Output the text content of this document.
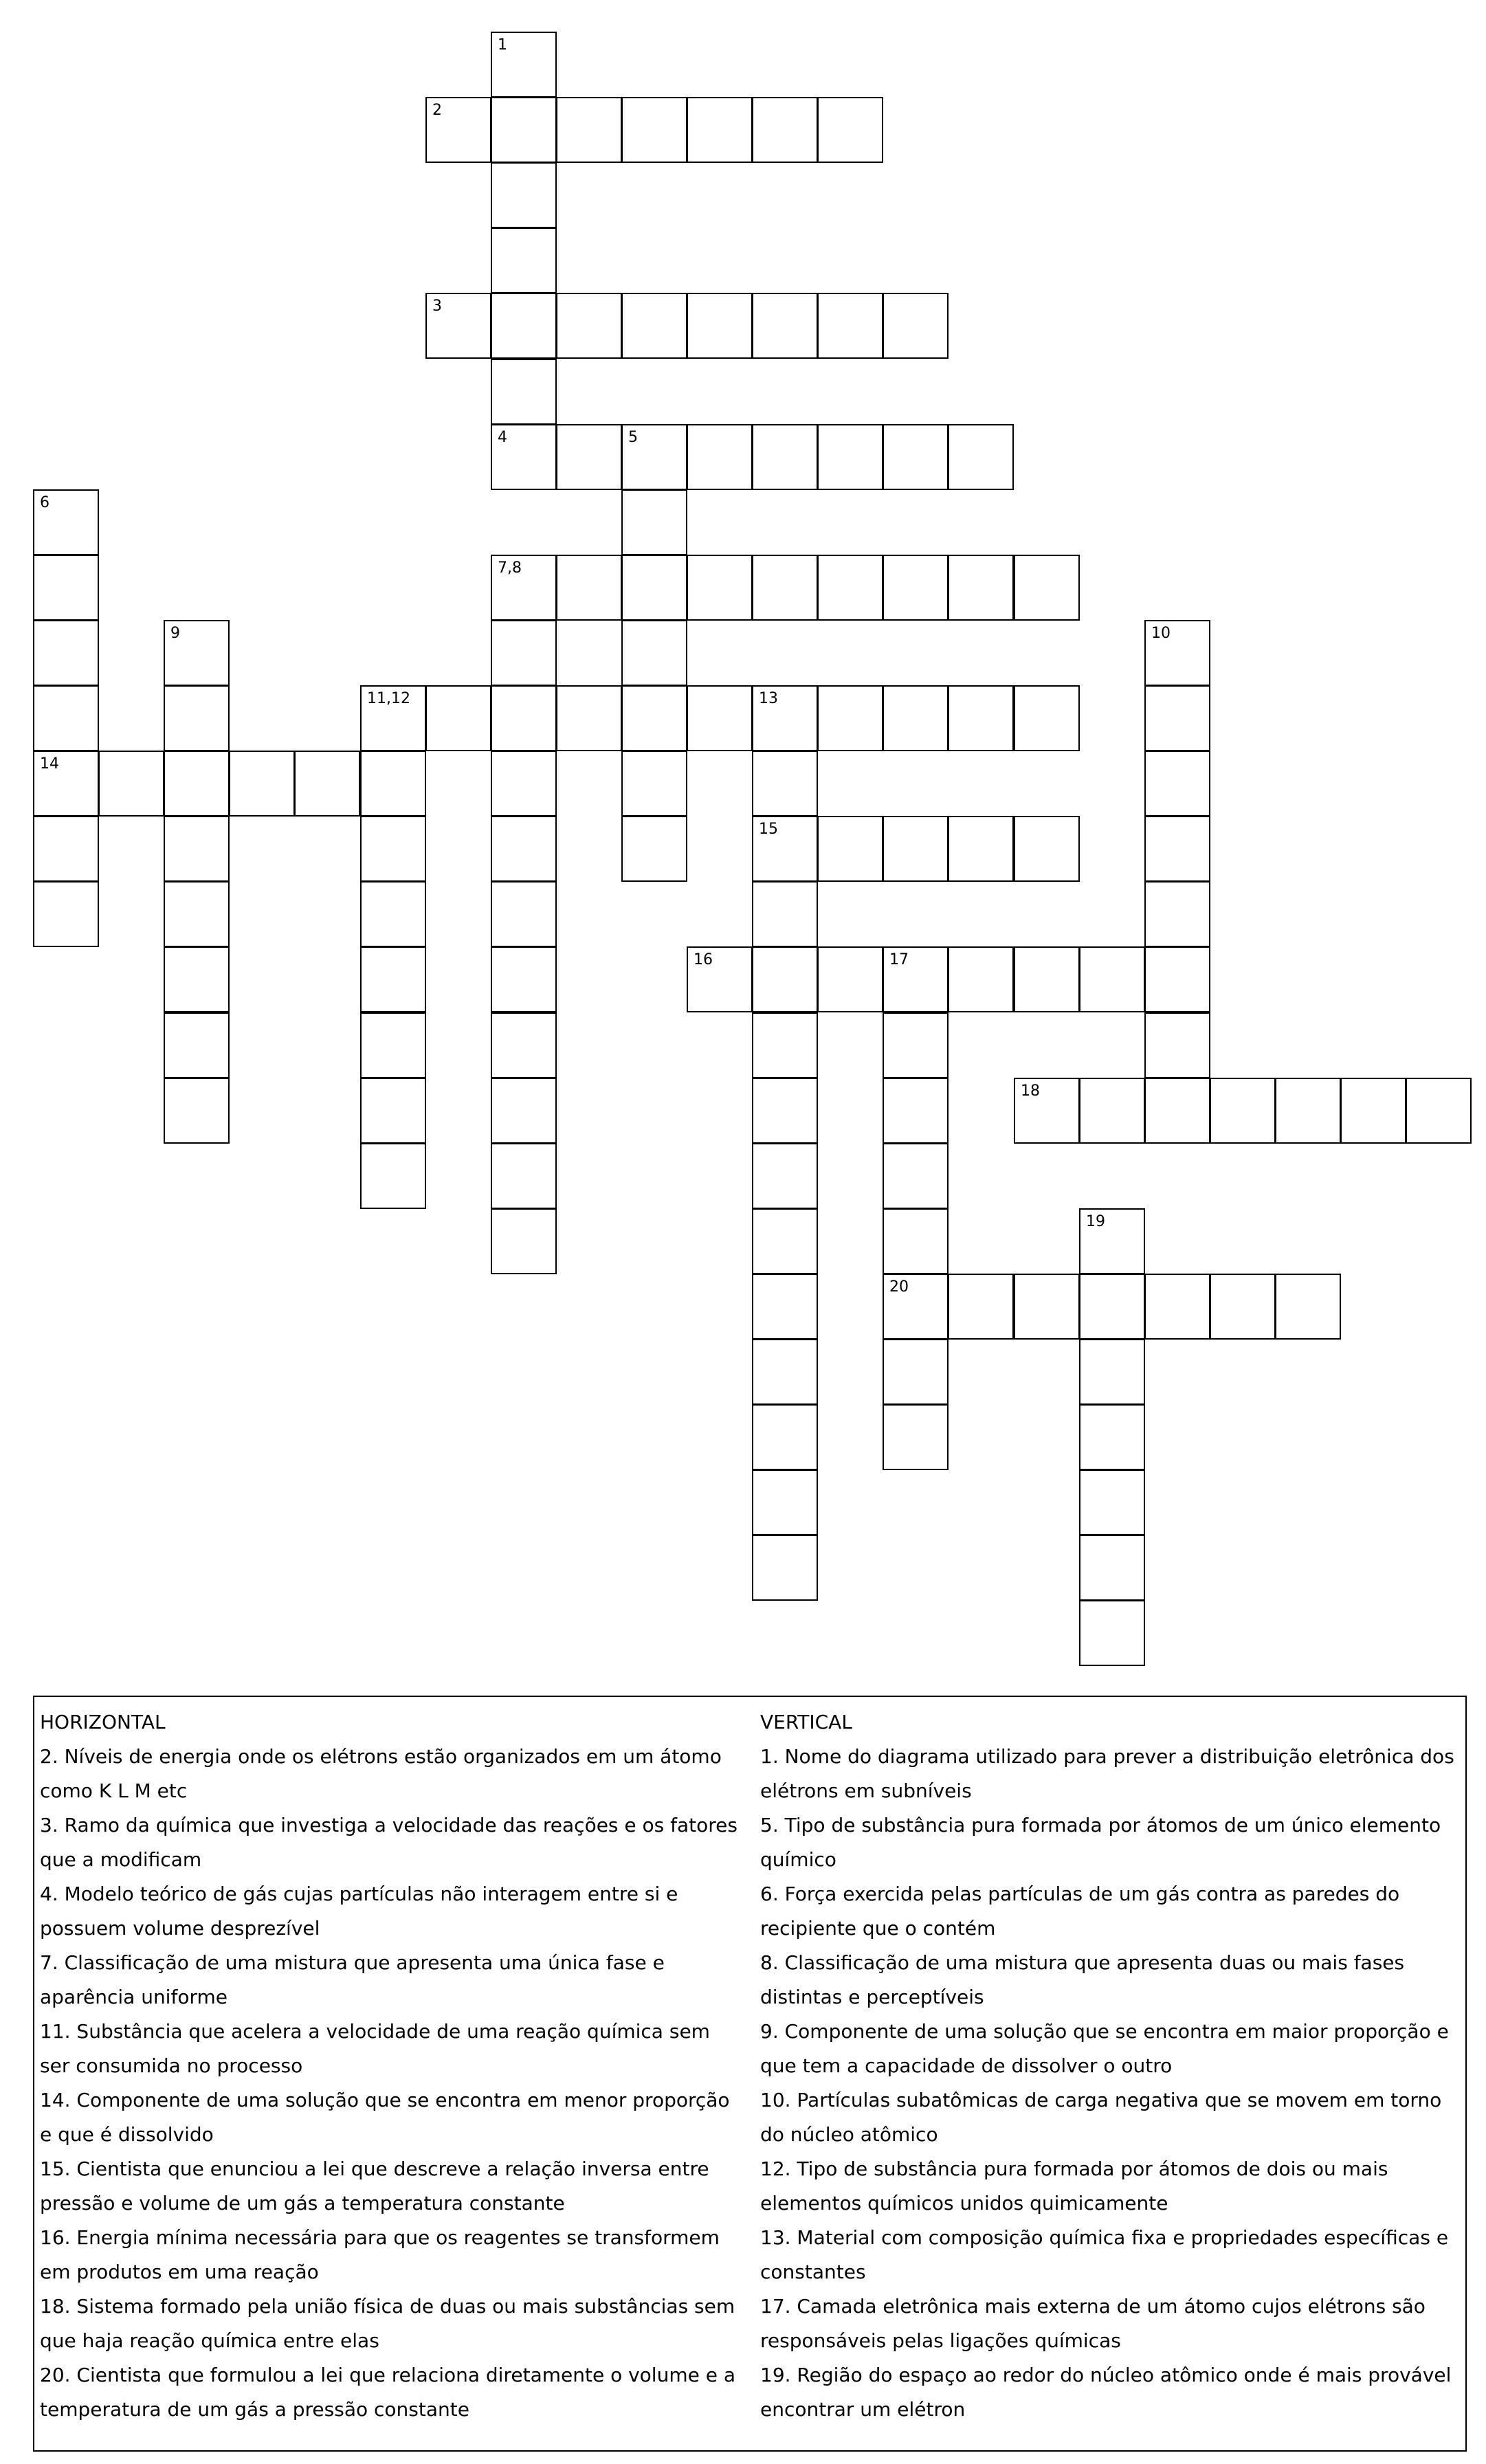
1
2
3
4	5
6
14
7,8
9	10
11,12	13
15
16	17
20
18
19
HORIZONTAL
2. Níveis de energia onde os elétrons estão organizados em um átomo como K L M etc
3. Ramo da química que investiga a velocidade das reações e os fatores que a modificam
4. Modelo teórico de gás cujas partículas não interagem entre si e possuem volume desprezível
7. Classificação de uma mistura que apresenta uma única fase e aparência uniforme
11. Substância que acelera a velocidade de uma reação química sem ser consumida no processo
14. Componente de uma solução que se encontra em menor proporção e que é dissolvido
15. Cientista que enunciou a lei que descreve a relação inversa entre pressão e volume de um gás a temperatura constante
16. Energia mínima necessária para que os reagentes se transformem em produtos em uma reação
18. Sistema formado pela união física de duas ou mais substâncias sem que haja reação química entre elas
20. Cientista que formulou a lei que relaciona diretamente o volume e a temperatura de um gás a pressão constante
VERTICAL
1. Nome do diagrama utilizado para prever a distribuição eletrônica dos elétrons em subníveis
5. Tipo de substância pura formada por átomos de um único elemento químico
6. Força exercida pelas partículas de um gás contra as paredes do recipiente que o contém
8. Classificação de uma mistura que apresenta duas ou mais fases distintas e perceptíveis
9. Componente de uma solução que se encontra em maior proporção e que tem a capacidade de dissolver o outro
10. Partículas subatômicas de carga negativa que se movem em torno do núcleo atômico
12. Tipo de substância pura formada por átomos de dois ou mais elementos químicos unidos quimicamente
13. Material com composição química fixa e propriedades específicas e constantes
17. Camada eletrônica mais externa de um átomo cujos elétrons são responsáveis pelas ligações químicas
19. Região do espaço ao redor do núcleo atômico onde é mais provável encontrar um elétron
